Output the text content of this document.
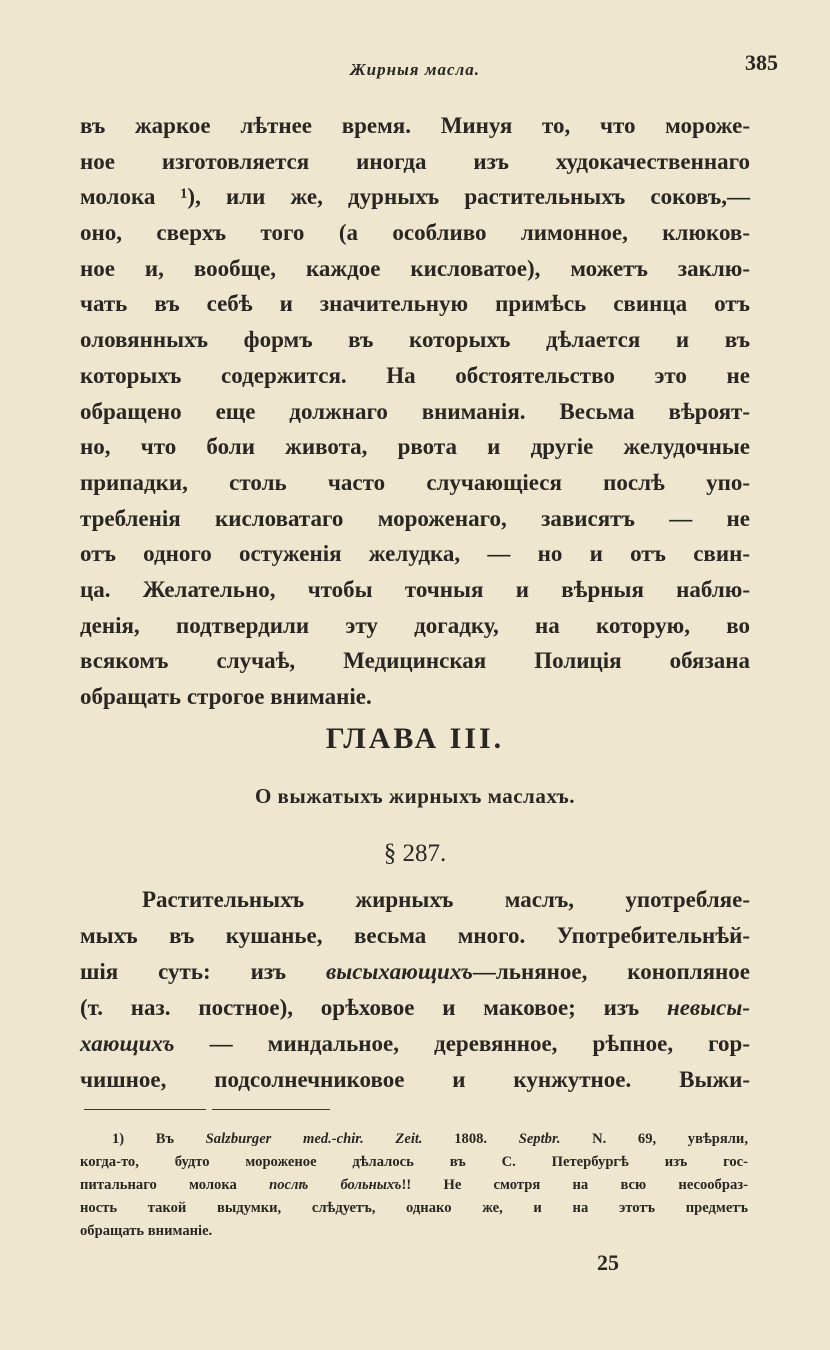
Жирныя масла.	385
въ жаркое лѣтнее время. Минуя то, что мороже-
ное изготовляется иногда изъ худокачественнаго
молока ¹), или же, дурныхъ растительныхъ соковъ,—
оно, сверхъ того (а особливо лимонное, клюков-
ное и, вообще, каждое кисловатое), можетъ заклю-
чать въ себѣ и значительную примѣсь свинца отъ
оловянныхъ формъ въ которыхъ дѣлается и въ
которыхъ содержится. На обстоятельство это не
обращено еще должнаго вниманія. Весьма вѣроят-
но, что боли живота, рвота и другіе желудочные
припадки, столь часто случающіеся послѣ упо-
требленія кисловатаго мороженаго, зависятъ — не
отъ одного остуженія желудка, — но и отъ свин-
ца. Желательно, чтобы точныя и вѣрныя наблю-
денія, подтвердили эту догадку, на которую, во
всякомъ случаѣ, Медицинская Полиція обязана
обращать строгое вниманіе.
ГЛАВА III.
О выжатыхъ жирныхъ маслахъ.
§ 287.
Растительныхъ жирныхъ маслъ, употребляе-
мыхъ въ кушанье, весьма много. Употребительнѣй-
шія суть: изъ высыхающихъ—льняное, конопляное
(т. наз. постное), орѣховое и маковое; изъ невысы-
хающихъ — миндальное, деревянное, рѣпное, гор-
чишное, подсолнечниковое и кунжутное. Выжи-
1) Въ Salzburger med.-chir. Zeit. 1808. Septbr. N. 69, увѣряли,
когда-то, будто мороженое дѣлалось въ С. Петербургѣ изъ гос-
питальнаго молока послѣ больныхъ!! Не смотря на всю несообраз-
ность такой выдумки, слѣдуетъ, однако же, и на этотъ предметъ
обращать вниманіе.
25
